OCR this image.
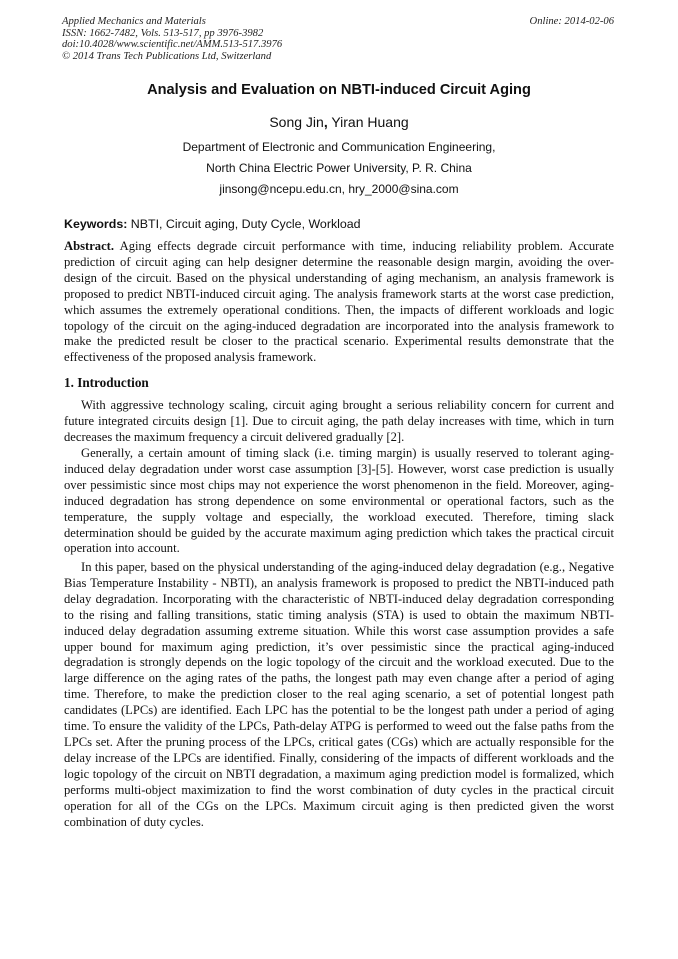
Applied Mechanics and Materials
ISSN: 1662-7482, Vols. 513-517, pp 3976-3982
doi:10.4028/www.scientific.net/AMM.513-517.3976
© 2014 Trans Tech Publications Ltd, Switzerland
Online: 2014-02-06
Analysis and Evaluation on NBTI-induced Circuit Aging
Song Jin, Yiran Huang
Department of Electronic and Communication Engineering,
North China Electric Power University, P. R. China
jinsong@ncepu.edu.cn, hry_2000@sina.com
Keywords: NBTI, Circuit aging, Duty Cycle, Workload

Abstract. Aging effects degrade circuit performance with time, inducing reliability problem. Accurate prediction of circuit aging can help designer determine the reasonable design margin, avoiding the over-design of the circuit. Based on the physical understanding of aging mechanism, an analysis framework is proposed to predict NBTI-induced circuit aging. The analysis framework starts at the worst case prediction, which assumes the extremely operational conditions. Then, the impacts of different workloads and logic topology of the circuit on the aging-induced degradation are incorporated into the analysis framework to make the predicted result be closer to the practical scenario. Experimental results demonstrate that the effectiveness of the proposed analysis framework.

1. Introduction

With aggressive technology scaling, circuit aging brought a serious reliability concern for current and future integrated circuits design [1]. Due to circuit aging, the path delay increases with time, which in turn decreases the maximum frequency a circuit delivered gradually [2].

Generally, a certain amount of timing slack (i.e. timing margin) is usually reserved to tolerant aging-induced delay degradation under worst case assumption [3]-[5]. However, worst case prediction is usually over pessimistic since most chips may not experience the worst phenomenon in the field. Moreover, aging-induced degradation has strong dependence on some environmental or operational factors, such as the temperature, the supply voltage and especially, the workload executed. Therefore, timing slack determination should be guided by the accurate maximum aging prediction which takes the practical circuit operation into account.

In this paper, based on the physical understanding of the aging-induced delay degradation (e.g., Negative Bias Temperature Instability - NBTI), an analysis framework is proposed to predict the NBTI-induced path delay degradation. Incorporating with the characteristic of NBTI-induced delay degradation corresponding to the rising and falling transitions, static timing analysis (STA) is used to obtain the maximum NBTI-induced delay degradation assuming extreme situation. While this worst case assumption provides a safe upper bound for maximum aging prediction, it’s over pessimistic since the practical aging-induced degradation is strongly depends on the logic topology of the circuit and the workload executed. Due to the large difference on the aging rates of the paths, the longest path may even change after a period of aging time. Therefore, to make the prediction closer to the real aging scenario, a set of potential longest path candidates (LPCs) are identified. Each LPC has the potential to be the longest path under a period of aging time. To ensure the validity of the LPCs, Path-delay ATPG is performed to weed out the false paths from the LPCs set. After the pruning process of the LPCs, critical gates (CGs) which are actually responsible for the delay increase of the LPCs are identified. Finally, considering of the impacts of different workloads and the logic topology of the circuit on NBTI degradation, a maximum aging prediction model is formalized, which performs multi-object maximization to find the worst combination of duty cycles in the practical circuit operation for all of the CGs on the LPCs. Maximum circuit aging is then predicted given the worst combination of duty cycles.
